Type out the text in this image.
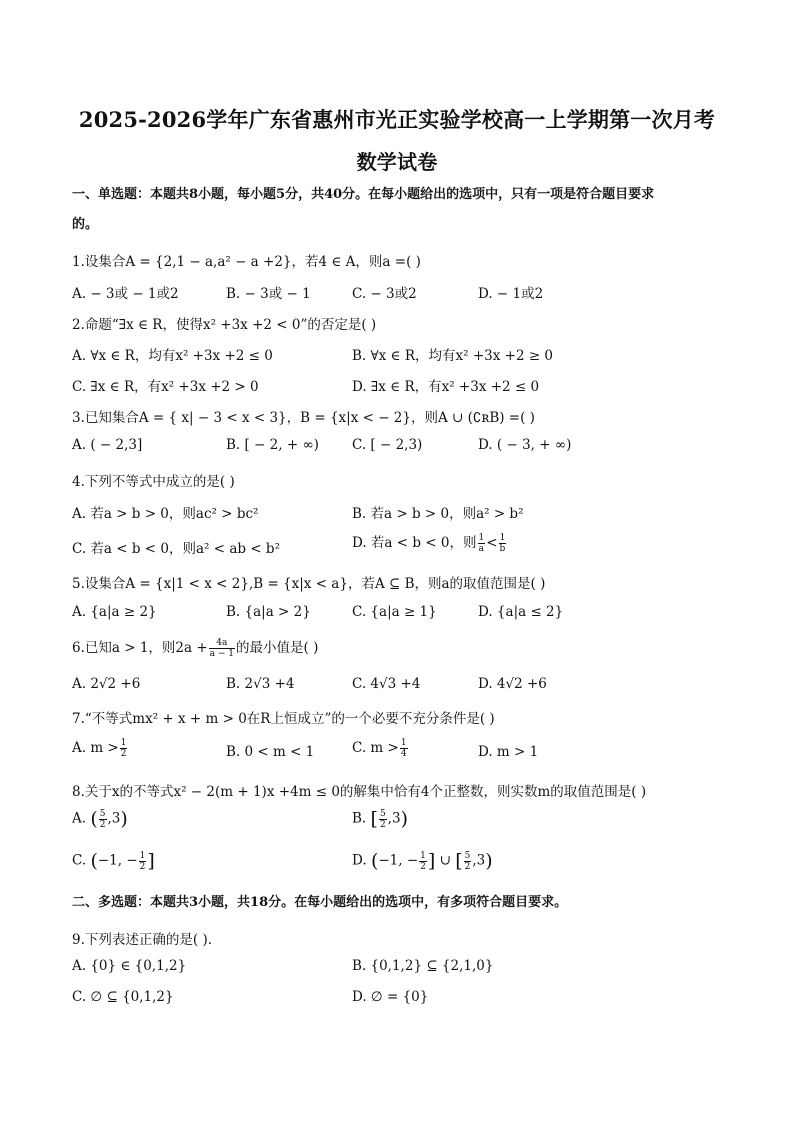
2025-2026学年广东省惠州市光正实验学校高一上学期第一次月考
数学试卷
一、单选题：本题共8小题，每小题5分，共40分。在每小题给出的选项中，只有一项是符合题目要求
的。
1.设集合A = {2,1 − a,a² − a +2}，若4 ∈ A，则a =( )
A. − 3或 − 1或2	B. − 3或 − 1	C. − 3或2	D. − 1或2
2.命题“∃x ∈ R，使得x² +3x +2 < 0”的否定是( )
A. ∀x ∈ R，均有x² +3x +2 ≤ 0	B. ∀x ∈ R，均有x² +3x +2 ≥ 0
C. ∃x ∈ R，有x² +3x +2 > 0	D. ∃x ∈ R，有x² +3x +2 ≤ 0
3.已知集合A = { x| − 3 < x < 3}，B = {x|x < − 2}，则A ∪ (∁ʀB) =( )
A. ( − 2,3]	B. [ − 2, + ∞) C. [ − 2,3)	D. ( − 3, + ∞)
4.下列不等式中成立的是( )
A. 若a > b > 0，则ac² > bc²	B. 若a > b > 0，则a² > b²
C. 若a < b < 0，则a² < ab < b²	D. 若a < b < 0，则 $\frac{1}{a} < \frac{1}{b}$
5.设集合A = {x|1 < x < 2},B = {x|x < a}，若A ⊆ B，则a的取值范围是( )
A. {a|a ≥ 2}	B. {a|a > 2}	C. {a|a ≥ 1}	D. {a|a ≤ 2}
6.已知a > 1，则$2a + \frac{4a}{a - 1}$ 的最小值是( )
A. 2√2 +6	B. 2√3 +4	C. 4√3 +4	D. 4√2 +6
7.“不等式mx² + x + m > 0在R上恒成立”的一个必要不充分条件是( )
A. $m > \frac{1}{2}$	B. 0 < m < 1	C. $m > \frac{1}{4}$	D. m > 1
8.关于x的不等式x² − 2(m + 1)x +4m ≤ 0的解集中恰有4个正整数，则实数m的取值范围是( )
A. ( $\frac{5}{2} ,3$)	B. [ $\frac{5}{2} ,3$)
C. (−1, − $\frac{1}{2}$ ]	D. (−1, − $\frac{1}{2}$ ] ∪ [ $\frac{5}{2} ,3$)
二、多选题：本题共3小题，共18分。在每小题给出的选项中，有多项符合题目要求。
9.下列表述正确的是( ).
A. {0} ∈ {0,1,2}	B. {0,1,2} ⊆ {2,1,0}
C. ∅ ⊆ {0,1,2}	D. ∅ = {0}
